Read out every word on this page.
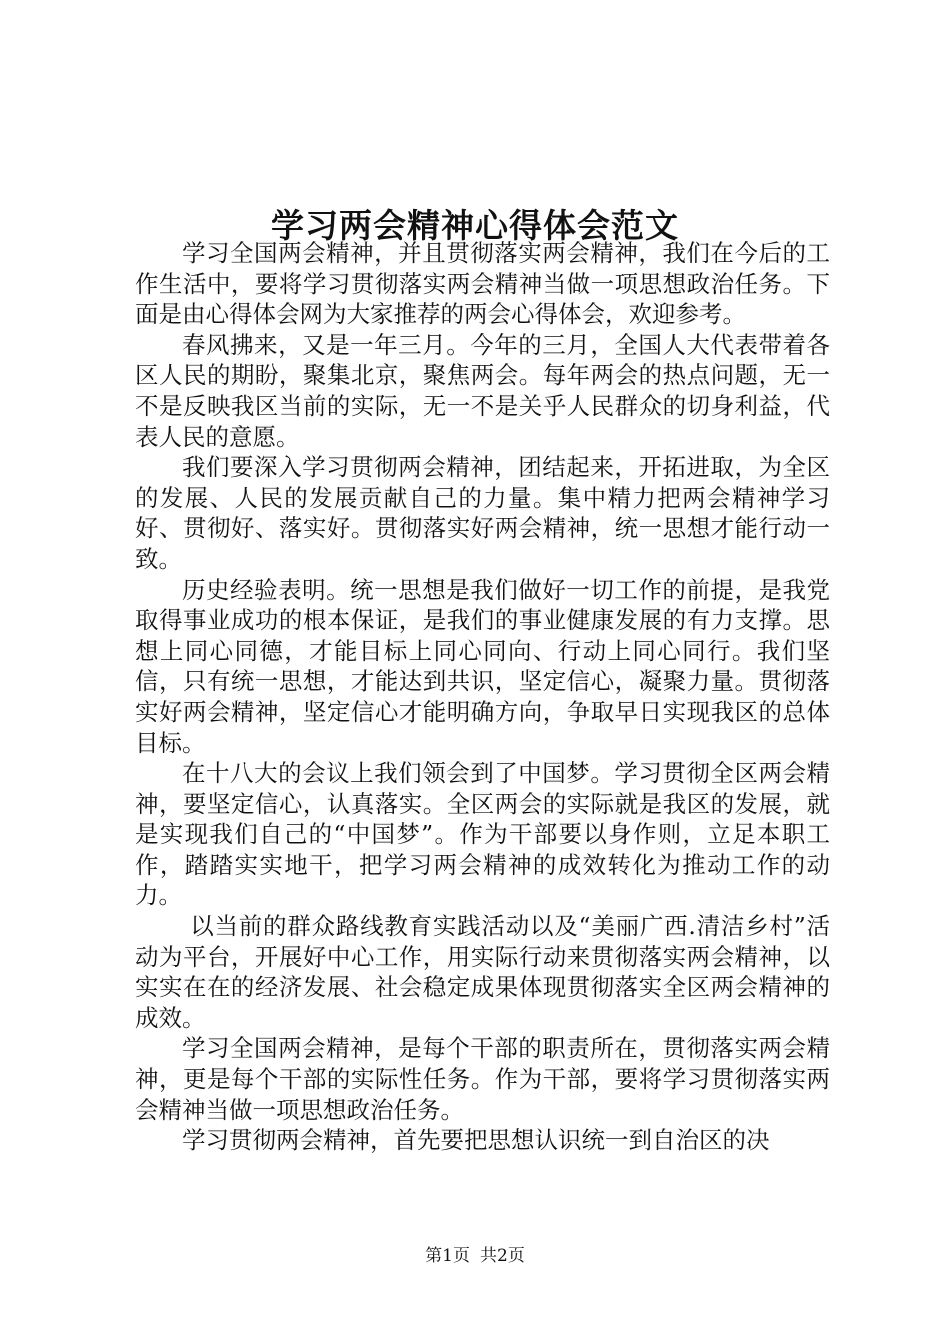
学习两会精神心得体会范文

学习全国两会精神，并且贯彻落实两会精神，我们在今后的工作生活中，要将学习贯彻落实两会精神当做一项思想政治任务。下面是由心得体会网为大家推荐的两会心得体会，欢迎参考。

春风拂来，又是一年三月。今年的三月，全国人大代表带着各区人民的期盼，聚集北京，聚焦两会。每年两会的热点问题，无一不是反映我区当前的实际，无一不是关乎人民群众的切身利益，代表人民的意愿。

我们要深入学习贯彻两会精神，团结起来，开拓进取，为全区的发展、人民的发展贡献自己的力量。集中精力把两会精神学习好、贯彻好、落实好。贯彻落实好两会精神，统一思想才能行动一致。

历史经验表明。统一思想是我们做好一切工作的前提，是我党取得事业成功的根本保证，是我们的事业健康发展的有力支撑。思想上同心同德，才能目标上同心同向、行动上同心同行。我们坚信，只有统一思想，才能达到共识，坚定信心，凝聚力量。贯彻落实好两会精神，坚定信心才能明确方向，争取早日实现我区的总体目标。

在十八大的会议上我们领会到了中国梦。学习贯彻全区两会精神，要坚定信心，认真落实。全区两会的实际就是我区的发展，就是实现我们自己的“中国梦”。作为干部要以身作则，立足本职工作，踏踏实实地干，把学习两会精神的成效转化为推动工作的动力。

以当前的群众路线教育实践活动以及“美丽广西.清洁乡村”活动为平台，开展好中心工作，用实际行动来贯彻落实两会精神，以实实在在的经济发展、社会稳定成果体现贯彻落实全区两会精神的成效。

学习全国两会精神，是每个干部的职责所在，贯彻落实两会精神，更是每个干部的实际性任务。作为干部，要将学习贯彻落实两会精神当做一项思想政治任务。

学习贯彻两会精神，首先要把思想认识统一到自治区的决

第1页 共2页
